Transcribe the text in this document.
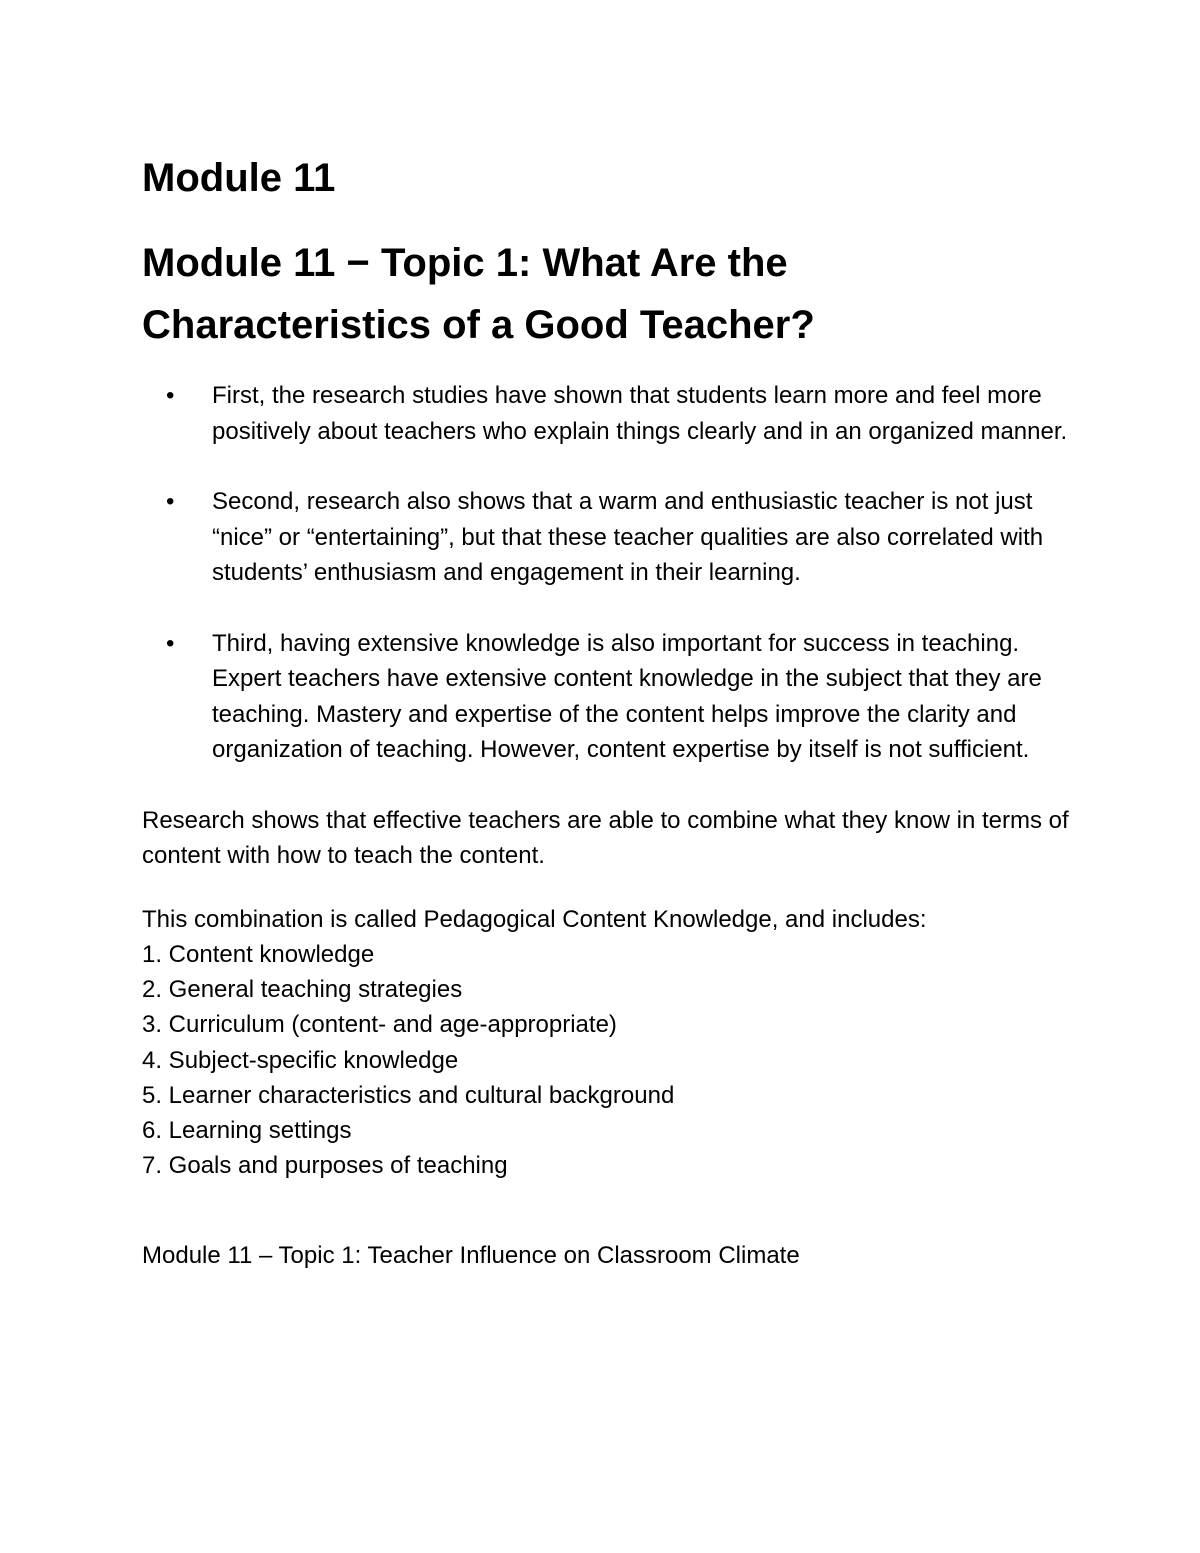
Module 11
Module 11 − Topic 1: What Are the Characteristics of a Good Teacher?
• First, the research studies have shown that students learn more and feel more positively about teachers who explain things clearly and in an organized manner.
• Second, research also shows that a warm and enthusiastic teacher is not just “nice” or “entertaining”, but that these teacher qualities are also correlated with students’ enthusiasm and engagement in their learning.
• Third, having extensive knowledge is also important for success in teaching. Expert teachers have extensive content knowledge in the subject that they are teaching. Mastery and expertise of the content helps improve the clarity and organization of teaching. However, content expertise by itself is not sufficient.

Research shows that effective teachers are able to combine what they know in terms of content with how to teach the content.

This combination is called Pedagogical Content Knowledge, and includes:

1. Content knowledge
2. General teaching strategies
3. Curriculum (content- and age-appropriate)
4. Subject-specific knowledge
5. Learner characteristics and cultural background
6. Learning settings
7. Goals and purposes of teaching
Module 11 – Topic 1: Teacher Influence on Classroom Climate
